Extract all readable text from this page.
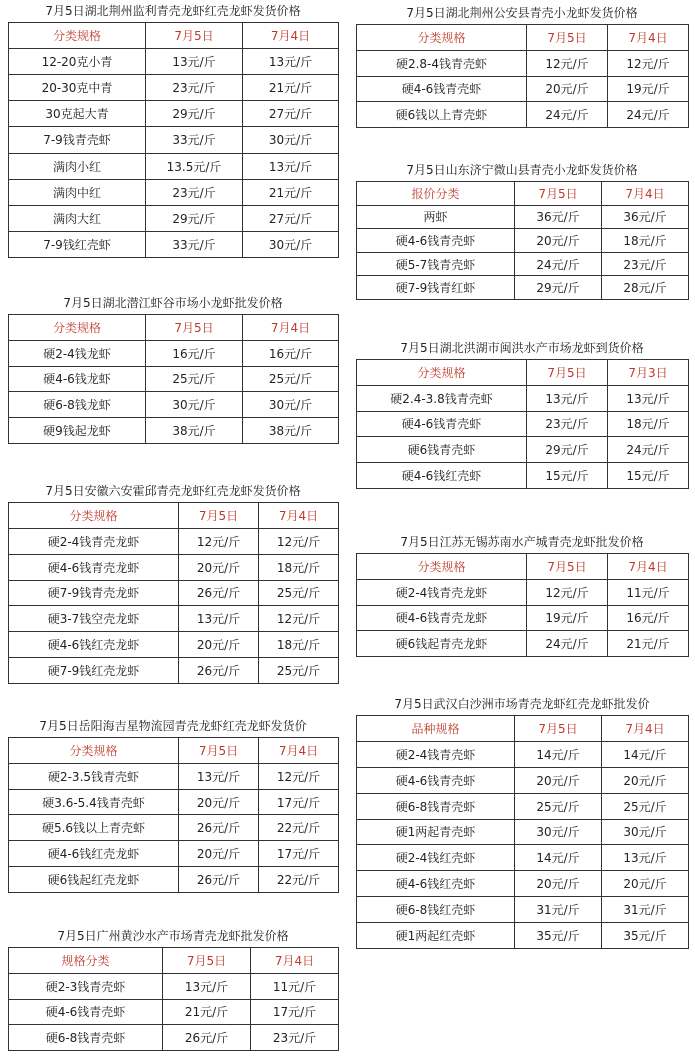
7月5日湖北荆州监利青壳龙虾红壳龙虾发货价格
分类规格	7月5日	7月4日
12-20克小青	13元/斤	13元/斤
20-30克中青	23元/斤	21元/斤
30克起大青	29元/斤	27元/斤
7-9钱青壳虾	33元/斤	30元/斤
满肉小红	13.5元/斤	13元/斤
满肉中红	23元/斤	21元/斤
满肉大红	29元/斤	27元/斤
7-9钱红壳虾	33元/斤	30元/斤
7月5日湖北潜江虾谷市场小龙虾批发价格
分类规格	7月5日	7月4日
硬2-4钱龙虾	16元/斤	16元/斤
硬4-6钱龙虾	25元/斤	25元/斤
硬6-8钱龙虾	30元/斤	30元/斤
硬9钱起龙虾	38元/斤	38元/斤
7月5日安徽六安霍邱青壳龙虾红壳龙虾发货价格
分类规格	7月5日	7月4日
硬2-4钱青壳龙虾	12元/斤	12元/斤
硬4-6钱青壳龙虾	20元/斤	18元/斤
硬7-9钱青壳龙虾	26元/斤	25元/斤
硬3-7钱空壳龙虾	13元/斤	12元/斤
硬4-6钱红壳龙虾	20元/斤	18元/斤
硬7-9钱红壳龙虾	26元/斤	25元/斤
7月5日岳阳海吉星物流园青壳龙虾红壳龙虾发货价
分类规格	7月5日	7月4日
硬2-3.5钱青壳虾	13元/斤	12元/斤
硬3.6-5.4钱青壳虾	20元/斤	17元/斤
硬5.6钱以上青壳虾	26元/斤	22元/斤
硬4-6钱红壳龙虾	20元/斤	17元/斤
硬6钱起红壳龙虾	26元/斤	22元/斤
7月5日广州黄沙水产市场青壳龙虾批发价格
规格分类	7月5日	7月4日
硬2-3钱青壳虾	13元/斤	11元/斤
硬4-6钱青壳虾	21元/斤	17元/斤
硬6-8钱青壳虾	26元/斤	23元/斤
7月5日湖北荆州公安县青壳小龙虾发货价格
分类规格	7月5日	7月4日
硬2.8-4钱青壳虾	12元/斤	12元/斤
硬4-6钱青壳虾	20元/斤	19元/斤
硬6钱以上青壳虾	24元/斤	24元/斤
7月5日山东济宁微山县青壳小龙虾发货价格
报价分类	7月5日	7月4日
两虾	36元/斤	36元/斤
硬4-6钱青壳虾	20元/斤	18元/斤
硬5-7钱青壳虾	24元/斤	23元/斤
硬7-9钱青红虾	29元/斤	28元/斤
7月5日湖北洪湖市闽洪水产市场龙虾到货价格
分类规格	7月5日	7月3日
硬2.4-3.8钱青壳虾	13元/斤	13元/斤
硬4-6钱青壳虾	23元/斤	18元/斤
硬6钱青壳虾	29元/斤	24元/斤
硬4-6钱红壳虾	15元/斤	15元/斤
7月5日江苏无锡苏南水产城青壳龙虾批发价格
分类规格	7月5日	7月4日
硬2-4钱青壳龙虾	12元/斤	11元/斤
硬4-6钱青壳龙虾	19元/斤	16元/斤
硬6钱起青壳龙虾	24元/斤	21元/斤
7月5日武汉白沙洲市场青壳龙虾红壳龙虾批发价
品种规格	7月5日	7月4日
硬2-4钱青壳虾	14元/斤	14元/斤
硬4-6钱青壳虾	20元/斤	20元/斤
硬6-8钱青壳虾	25元/斤	25元/斤
硬1两起青壳虾	30元/斤	30元/斤
硬2-4钱红壳虾	14元/斤	13元/斤
硬4-6钱红壳虾	20元/斤	20元/斤
硬6-8钱红壳虾	31元/斤	31元/斤
硬1两起红壳虾	35元/斤	35元/斤
